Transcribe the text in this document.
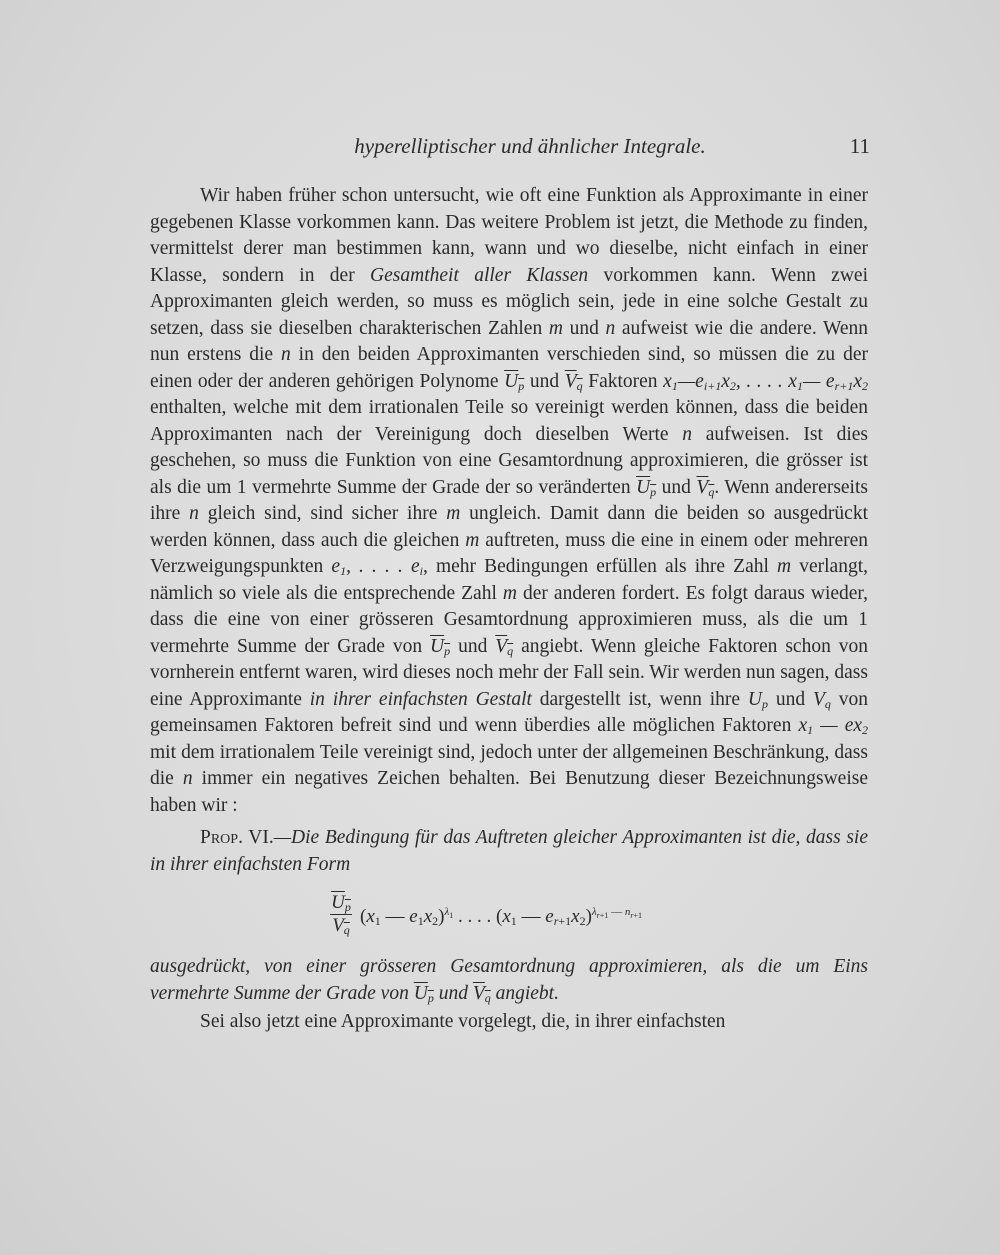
hyperelliptischer und ähnlicher Integrale.	11

Wir haben früher schon untersucht, wie oft eine Funktion als Approximante in einer gegebenen Klasse vorkommen kann. Das weitere Problem ist jetzt, die Methode zu finden, vermittelst derer man bestimmen kann, wann und wo dieselbe, nicht einfach in einer Klasse, sondern in der Gesamtheit aller Klassen vorkommen kann. Wenn zwei Approximanten gleich werden, so muss es möglich sein, jede in eine solche Gestalt zu setzen, dass sie dieselben charakterischen Zahlen m und n aufweist wie die andere. Wenn nun erstens die n in den beiden Approximanten verschieden sind, so müssen die zu der einen oder der anderen gehörigen Polynome $U_p$ und $V_q$ Faktoren $x_1—e_{i+1}x_2$, . . . . $x_1—$ $e_{r+1}x_2$ enthalten, welche mit dem irrationalen Teile so vereinigt werden können, dass die beiden Approximanten nach der Vereinigung doch dieselben Werte n aufweisen. Ist dies geschehen, so muss die Funktion von eine Gesamtordnung approximieren, die grösser ist als die um 1 vermehrte Summe der Grade der so veränderten $U_p$ und $V_q$. Wenn andererseits ihre n gleich sind, sind sicher ihre m ungleich. Damit dann die beiden so ausgedrückt werden können, dass auch die gleichen m auftreten, muss die eine in einem oder mehreren Verzweigungspunkten $e_1$, . . . . $e_i$, mehr Bedingungen erfüllen als ihre Zahl m verlangt, nämlich so viele als die entsprechende Zahl m der anderen fordert. Es folgt daraus wieder, dass die eine von einer grösseren Gesamtordnung approximieren muss, als die um 1 vermehrte Summe der Grade von $U_p$ und $V_q$ angiebt. Wenn gleiche Faktoren schon von vornherein entfernt waren, wird dieses noch mehr der Fall sein. Wir werden nun sagen, dass eine Approximante in ihrer einfachsten Gestalt dargestellt ist, wenn ihre $U_p$ und $V_q$ von gemeinsamen Faktoren befreit sind und wenn überdies alle möglichen Faktoren $x_1$ — $ex_2$ mit dem irrationalem Teile vereinigt sind, jedoch unter der allgemeinen Beschränkung, dass die n immer ein negatives Zeichen behalten. Bei Benutzung dieser Bezeichnungsweise haben wir :

Prop. VI.—Die Bedingung für das Auftreten gleicher Approximanten ist die, dass sie in ihrer einfachsten Form

$\frac{U_p}{V_q} (x_1$ — $e_1x_2)^{\lambda_1}$ . . . . ($x_1$ — $e_{r+1}x_2)^{\lambda_{r+1} — n_{r+1}}$

ausgedrückt, von einer grösseren Gesamtordnung approximieren, als die um Eins vermehrte Summe der Grade von $U_p$ und $V_q$ angiebt.

Sei also jetzt eine Approximante vorgelegt, die, in ihrer einfachsten
